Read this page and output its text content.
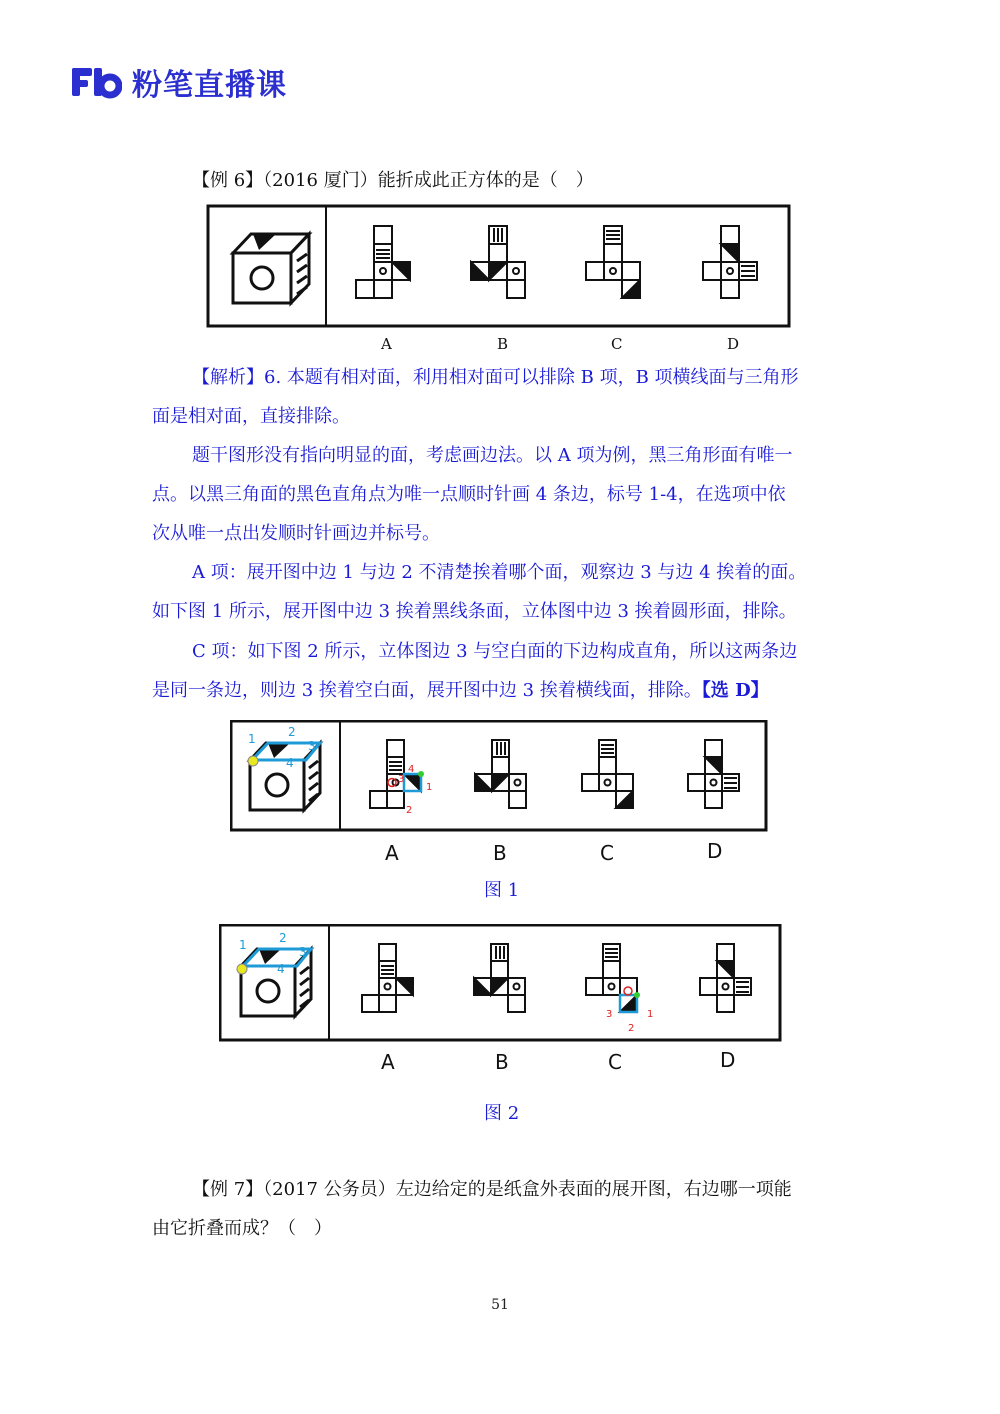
粉笔直播课
【例 6】（2016 厦门）能折成此正方体的是（　）
A	B	C	D
【解析】6. 本题有相对面，利用相对面可以排除 B 项，B 项横线面与三角形
面是相对面，直接排除。
题干图形没有指向明显的面，考虑画边法。以 A 项为例，黑三角形面有唯一
点。以黑三角面的黑色直角点为唯一点顺时针画 4 条边，标号 1-4，在选项中依
次从唯一点出发顺时针画边并标号。
A 项：展开图中边 1 与边 2 不清楚挨着哪个面，观察边 3 与边 4 挨着的面。
如下图 1 所示，展开图中边 3 挨着黑线条面，立体图中边 3 挨着圆形面，排除。
C 项：如下图 2 所示，立体图边 3 与空白面的下边构成直角，所以这两条边
是同一条边，则边 3 挨着空白面，展开图中边 3 挨着横线面，排除。【选 D】
1	2
3
4	4
1
2
3
A	B	C	D
图 1
1	2
3
4
3	1
2
A	B	C	D
图 2
【例 7】（2017 公务员）左边给定的是纸盒外表面的展开图，右边哪一项能
由它折叠而成？（　）
51
